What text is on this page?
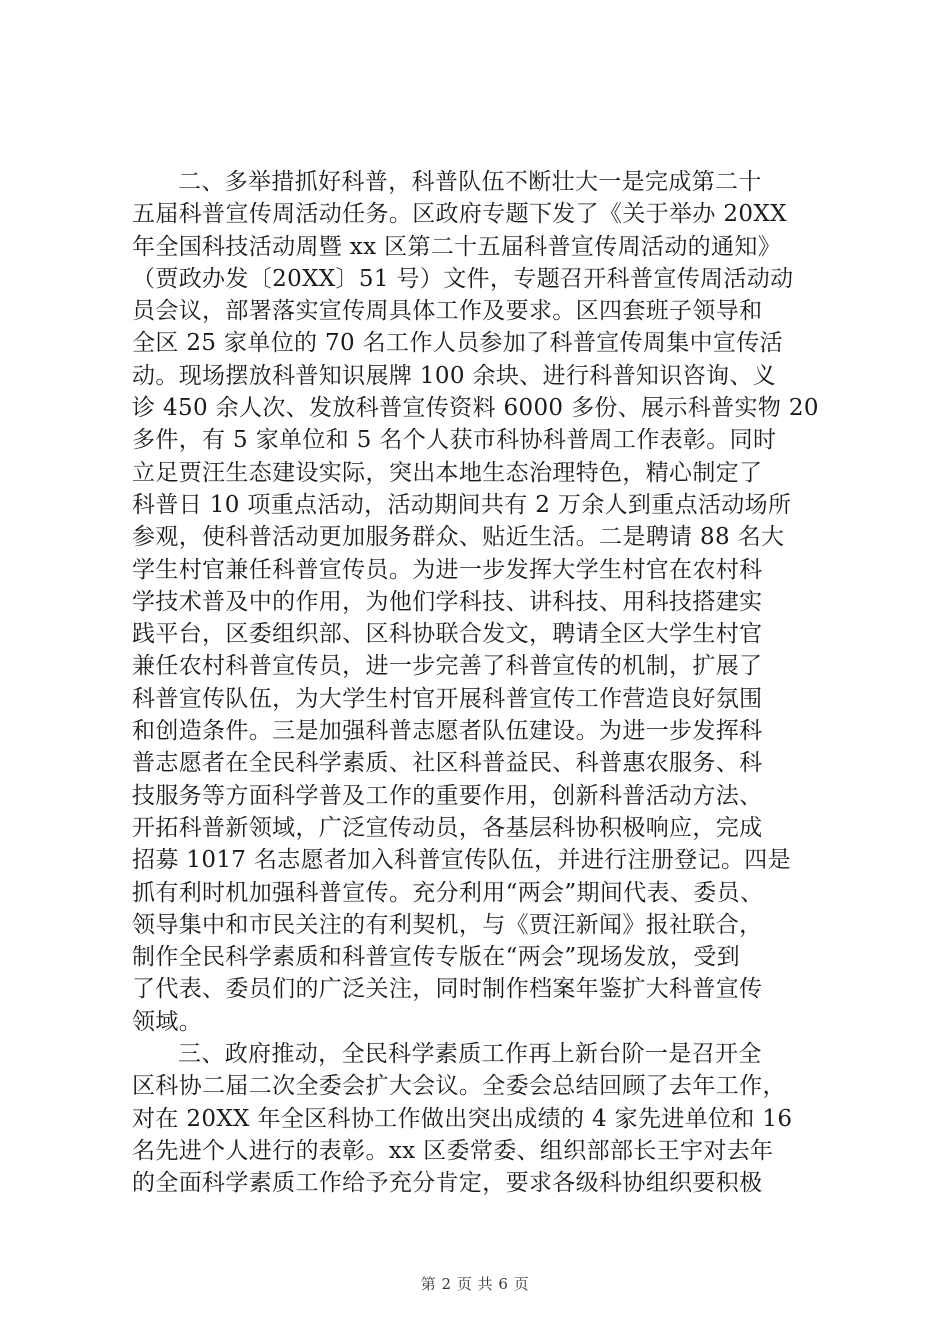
二、多举措抓好科普，科普队伍不断壮大一是完成第二十
五届科普宣传周活动任务。区政府专题下发了《关于举办 20XX
年全国科技活动周暨 xx 区第二十五届科普宣传周活动的通知》
（贾政办发〔20XX〕51 号）文件，专题召开科普宣传周活动动
员会议，部署落实宣传周具体工作及要求。区四套班子领导和
全区 25 家单位的 70 名工作人员参加了科普宣传周集中宣传活
动。现场摆放科普知识展牌 100 余块、进行科普知识咨询、义
诊 450 余人次、发放科普宣传资料 6000 多份、展示科普实物 20
多件，有 5 家单位和 5 名个人获市科协科普周工作表彰。同时
立足贾汪生态建设实际，突出本地生态治理特色，精心制定了
科普日 10 项重点活动，活动期间共有 2 万余人到重点活动场所
参观，使科普活动更加服务群众、贴近生活。二是聘请 88 名大
学生村官兼任科普宣传员。为进一步发挥大学生村官在农村科
学技术普及中的作用，为他们学科技、讲科技、用科技搭建实
践平台，区委组织部、区科协联合发文，聘请全区大学生村官
兼任农村科普宣传员，进一步完善了科普宣传的机制，扩展了
科普宣传队伍，为大学生村官开展科普宣传工作营造良好氛围
和创造条件。三是加强科普志愿者队伍建设。为进一步发挥科
普志愿者在全民科学素质、社区科普益民、科普惠农服务、科
技服务等方面科学普及工作的重要作用，创新科普活动方法、
开拓科普新领域，广泛宣传动员，各基层科协积极响应，完成
招募 1017 名志愿者加入科普宣传队伍，并进行注册登记。四是
抓有利时机加强科普宣传。充分利用“两会”期间代表、委员、
领导集中和市民关注的有利契机，与《贾汪新闻》报社联合，
制作全民科学素质和科普宣传专版在“两会”现场发放，受到
了代表、委员们的广泛关注，同时制作档案年鉴扩大科普宣传
领域。
三、政府推动，全民科学素质工作再上新台阶一是召开全
区科协二届二次全委会扩大会议。全委会总结回顾了去年工作，
对在 20XX 年全区科协工作做出突出成绩的 4 家先进单位和 16
名先进个人进行的表彰。xx 区委常委、组织部部长王宇对去年
的全面科学素质工作给予充分肯定，要求各级科协组织要积极
第 2 页 共 6 页
